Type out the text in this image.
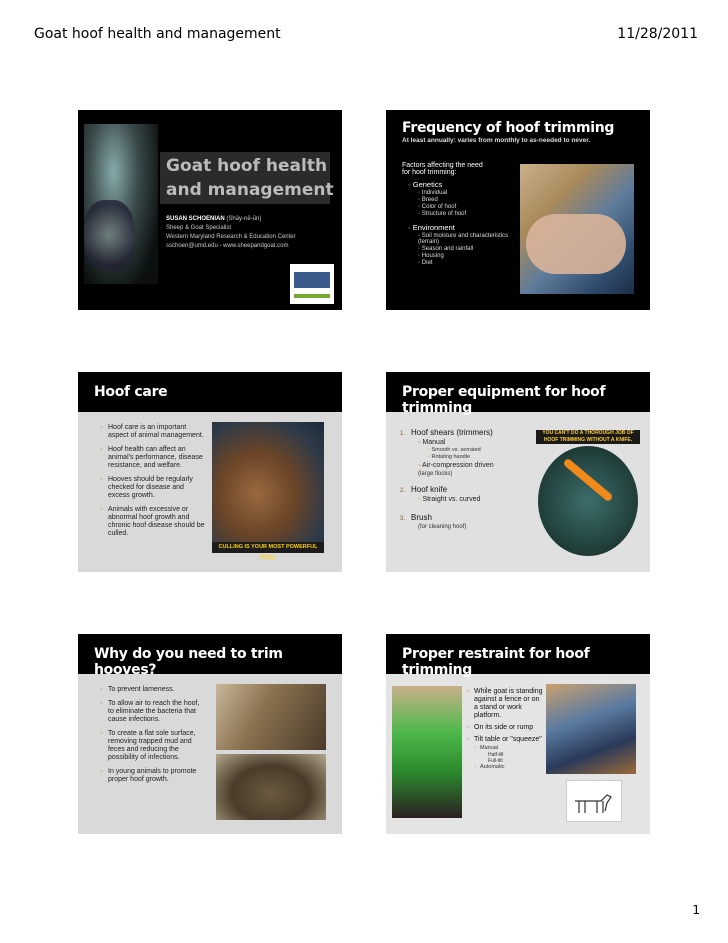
Goat hoof health and management	11/28/2011
Goat hoof health
and management
SUSAN SCHOENIAN (Shāy-nē-ŭn)
Sheep & Goat Specialist
Western Maryland Research & Education Center
sschoen@umd.edu - www.sheepandgoat.com
Frequency of hoof trimming
At least annually: varies from monthly to as-needed to never.
Factors affecting the need for hoof trimming:
◦ Genetics
◦ Individual
◦ Breed
◦ Color of hoof
◦ Structure of hoof
◦ Environment
◦ Soil moisture and characteristics (terrain)
◦ Season and rainfall
◦ Housing
◦ Diet
Hoof care
◦ Hoof care is an important aspect of animal management.
◦ Hoof health can affect an animal's performance, disease resistance, and welfare.
◦ Hooves should be regularly checked for disease and excess growth.
◦ Animals with excessive or abnormal hoof growth and chronic hoof disease should be culled.
CULLING IS YOUR MOST POWERFUL TOOL!
Proper equipment for hoof trimming
1. Hoof shears (trimmers)
◦ Manual
◦ Smooth vs. serrated
◦ Rotating handle
◦ Air-compression driven
(large flocks)
2. Hoof knife
◦ Straight vs. curved
3. Brush
(for cleaning hoof)
YOU CAN'T DO A THOROUGH JOB OF HOOF TRIMMING WITHOUT A KNIFE.
Why do you need to trim hooves?
◦ To prevent lameness.
◦ To allow air to reach the hoof, to eliminate the bacteria that cause infections.
◦ To create a flat sole surface, removing trapped mud and feces and reducing the possibility of infections.
◦ In young animals to promote proper hoof growth.
Proper restraint for hoof trimming
◦ While goat is standing against a fence or on a stand or work platform.
◦ On its side or rump
◦ Tilt table or "squeeze"
◦ Manual
Half-tilt
Full-tilt
◦ Automatic
1
